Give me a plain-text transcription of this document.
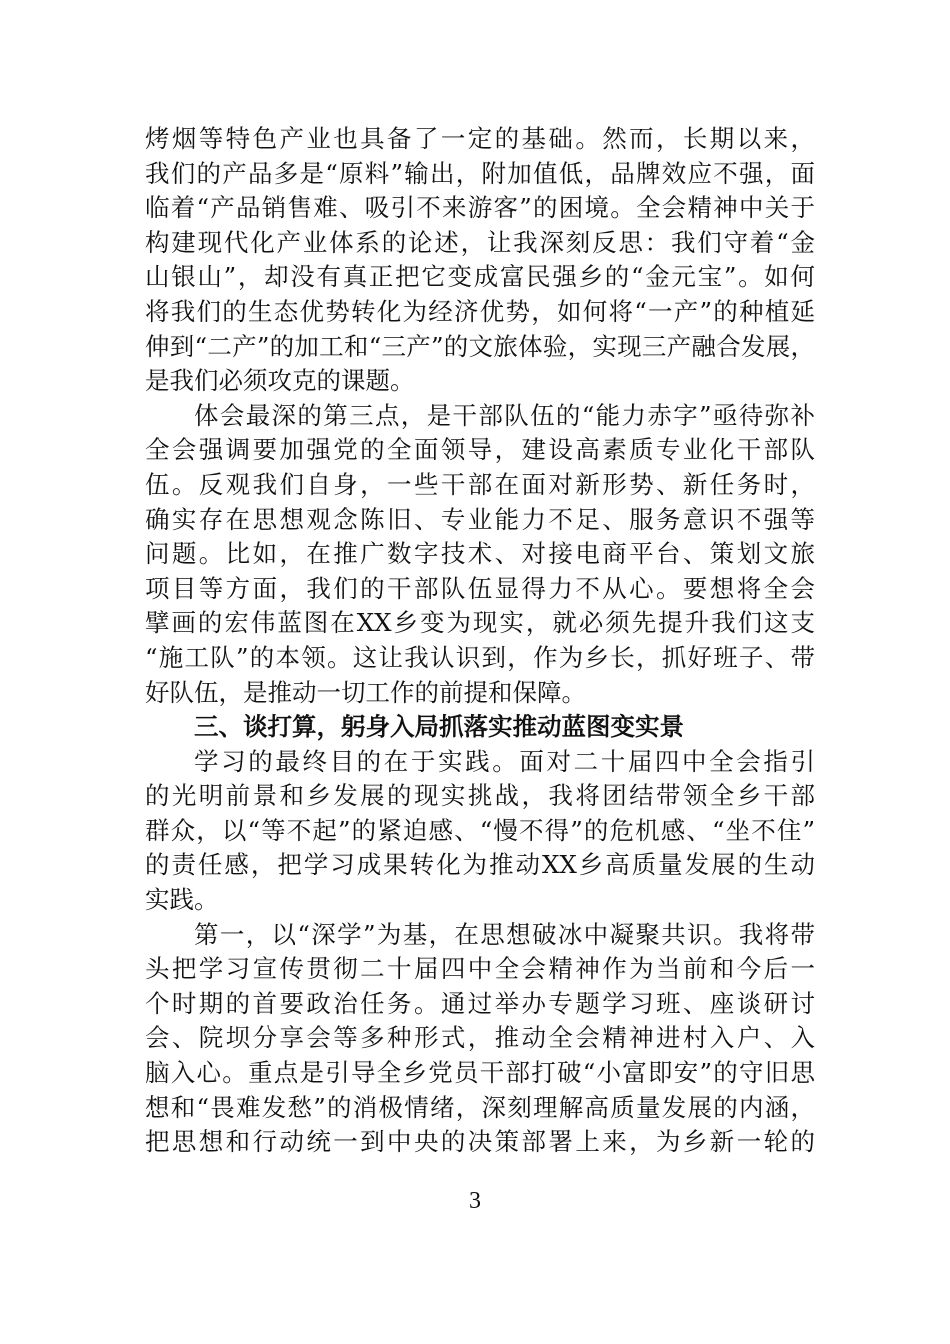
烤烟等特色产业也具备了一定的基础。然而，长期以来，
我们的产品多是“原料”输出，附加值低，品牌效应不强，面
临着“产品销售难、吸引不来游客”的困境。全会精神中关于
构建现代化产业体系的论述，让我深刻反思：我们守着“金
山银山”，却没有真正把它变成富民强乡的“金元宝”。如何
将我们的生态优势转化为经济优势，如何将“一产”的种植延
伸到“二产”的加工和“三产”的文旅体验，实现三产融合发展，
是我们必须攻克的课题。
体会最深的第三点，是干部队伍的“能力赤字”亟待弥补
全会强调要加强党的全面领导，建设高素质专业化干部队
伍。反观我们自身，一些干部在面对新形势、新任务时，
确实存在思想观念陈旧、专业能力不足、服务意识不强等
问题。比如，在推广数字技术、对接电商平台、策划文旅
项目等方面，我们的干部队伍显得力不从心。要想将全会
擘画的宏伟蓝图在XX乡变为现实，就必须先提升我们这支
“施工队”的本领。这让我认识到，作为乡长，抓好班子、带
好队伍，是推动一切工作的前提和保障。
三、谈打算，躬身入局抓落实推动蓝图变实景
学习的最终目的在于实践。面对二十届四中全会指引
的光明前景和乡发展的现实挑战，我将团结带领全乡干部
群众，以“等不起”的紧迫感、“慢不得”的危机感、“坐不住”
的责任感，把学习成果转化为推动XX乡高质量发展的生动
实践。
第一，以“深学”为基，在思想破冰中凝聚共识。我将带
头把学习宣传贯彻二十届四中全会精神作为当前和今后一
个时期的首要政治任务。通过举办专题学习班、座谈研讨
会、院坝分享会等多种形式，推动全会精神进村入户、入
脑入心。重点是引导全乡党员干部打破“小富即安”的守旧思
想和“畏难发愁”的消极情绪，深刻理解高质量发展的内涵，
把思想和行动统一到中央的决策部署上来，为乡新一轮的
3
